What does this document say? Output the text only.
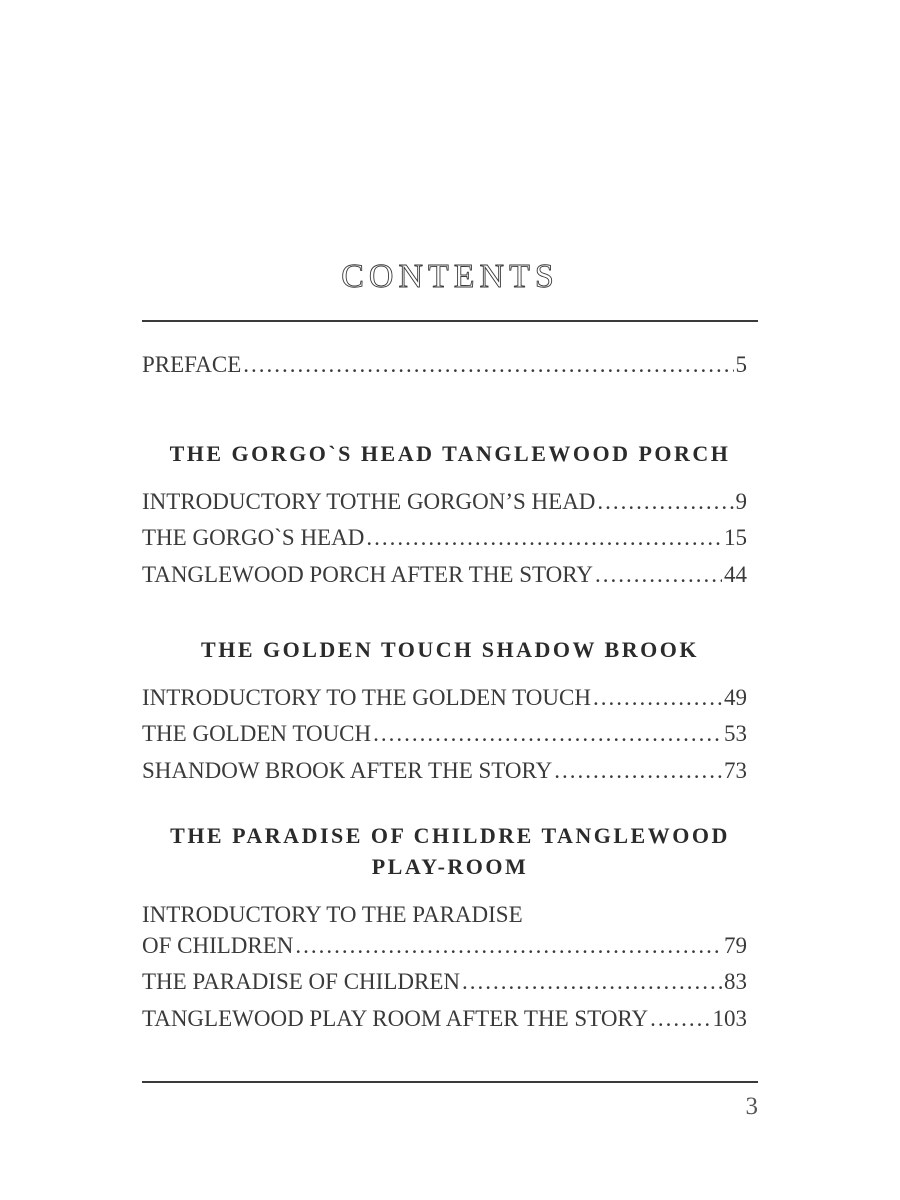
CONTENTS
PREFACE .....	5
THE GORGO`S HEAD TANGLEWOOD PORCH
INTRODUCTORY TOTHE GORGON’S HEAD .....	9
THE GORGO`S HEAD .....	15
TANGLEWOOD PORCH AFTER THE STORY .....	44
THE GOLDEN TOUCH SHADOW BROOK
INTRODUCTORY TO THE GOLDEN TOUCH .....	49
THE GOLDEN TOUCH .....	53
SHANDOW BROOK AFTER THE STORY .....	73
THE PARADISE OF CHILDRE TANGLEWOOD
PLAY-ROOM
INTRODUCTORY TO THE PARADISE
OF CHILDREN .....	79
THE PARADISE OF CHILDREN .....	83
TANGLEWOOD PLAY ROOM AFTER THE STORY .....	103
3
